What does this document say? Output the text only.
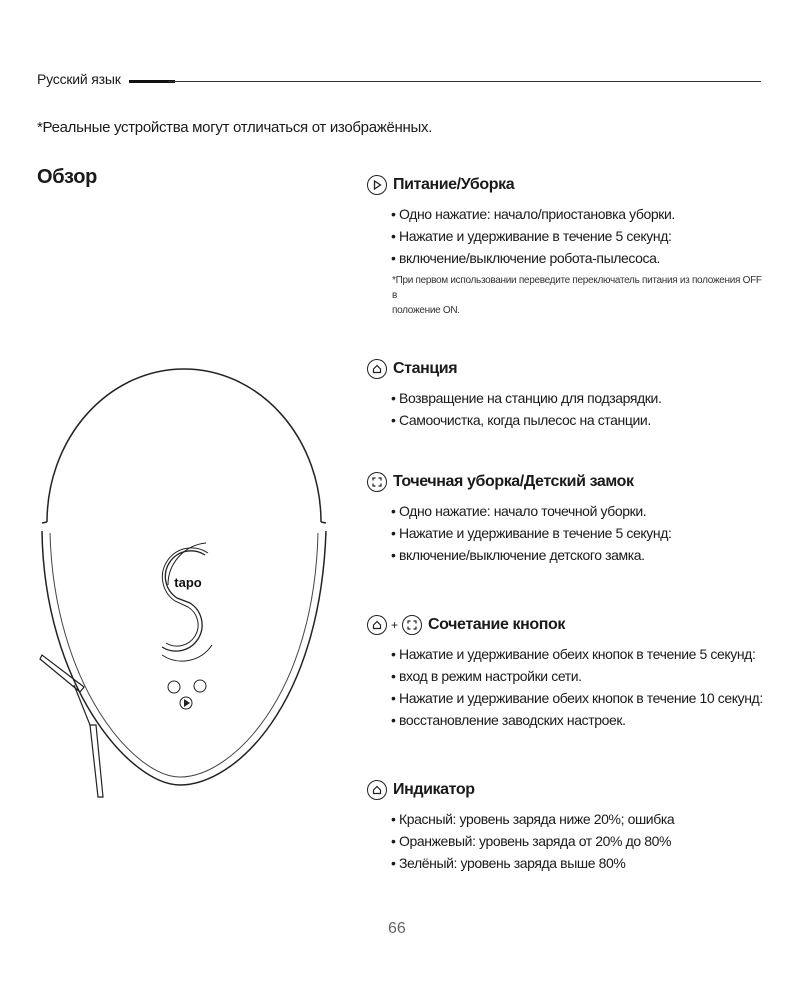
Русский язык
*Реальные устройства могут отличаться от изображённых.
Обзор
tapo
Питание/Уборка
• Одно нажатие: начало/приостановка уборки.
• Нажатие и удерживание в течение 5 секунд:
• включение/выключение робота-пылесоса.
*При первом использовании переведите переключатель питания из положения OFF в
положение ON.
Станция
• Возвращение на станцию для подзарядки.
• Самоочистка, когда пылесос на станции.
Точечная уборка/Детский замок
• Одно нажатие: начало точечной уборки.
• Нажатие и удерживание в течение 5 секунд:
• включение/выключение детского замка.
+ Сочетание кнопок
• Нажатие и удерживание обеих кнопок в течение 5 секунд:
• вход в режим настройки сети.
• Нажатие и удерживание обеих кнопок в течение 10 секунд:
• восстановление заводских настроек.
Индикатор
• Красный: уровень заряда ниже 20%; ошибка
• Оранжевый: уровень заряда от 20% до 80%
• Зелёный: уровень заряда выше 80%
66
